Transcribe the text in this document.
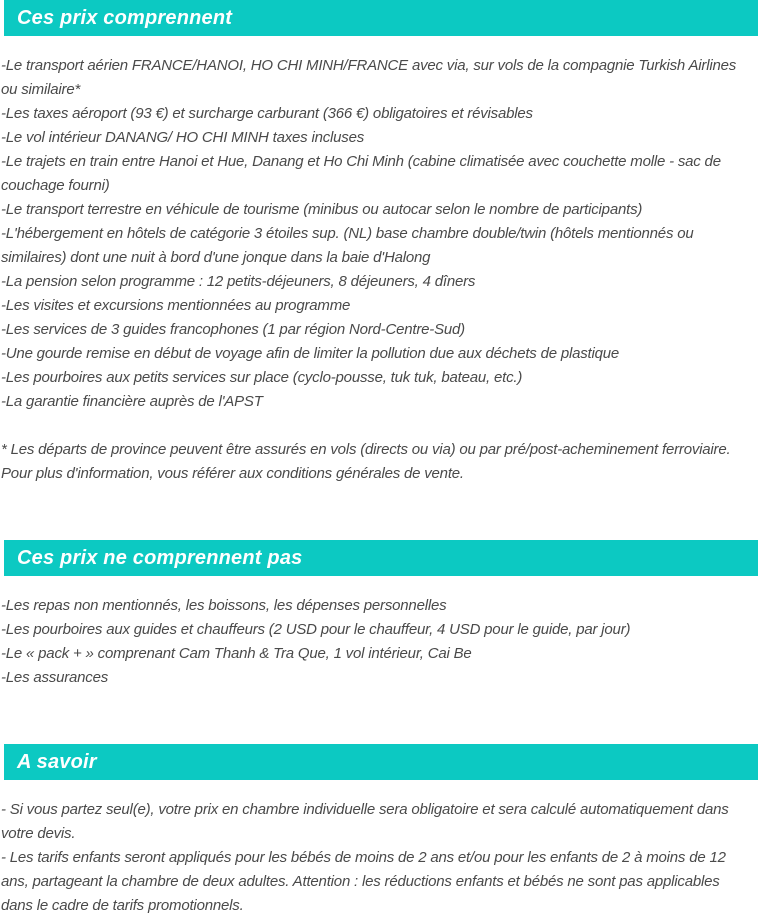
Ces prix comprennent

-Le transport aérien FRANCE/HANOI, HO CHI MINH/FRANCE avec via, sur vols de la compagnie Turkish Airlines ou similaire*

-Les taxes aéroport (93 €) et surcharge carburant (366 €) obligatoires et révisables

-Le vol intérieur DANANG/ HO CHI MINH taxes incluses

-Le trajets en train entre Hanoi et Hue, Danang et Ho Chi Minh (cabine climatisée avec couchette molle - sac de couchage fourni)

-Le transport terrestre en véhicule de tourisme (minibus ou autocar selon le nombre de participants)

-L'hébergement en hôtels de catégorie 3 étoiles sup. (NL) base chambre double/twin (hôtels mentionnés ou similaires) dont une nuit à bord d'une jonque dans la baie d'Halong

-La pension selon programme : 12 petits-déjeuners, 8 déjeuners, 4 dîners

-Les visites et excursions mentionnées au programme

-Les services de 3 guides francophones (1 par région Nord-Centre-Sud)

-Une gourde remise en début de voyage afin de limiter la pollution due aux déchets de plastique

-Les pourboires aux petits services sur place (cyclo-pousse, tuk tuk, bateau, etc.)

-La garantie financière auprès de l'APST

* Les départs de province peuvent être assurés en vols (directs ou via) ou par pré/post-acheminement ferroviaire. Pour plus d'information, vous référer aux conditions générales de vente.

Ces prix ne comprennent pas

-Les repas non mentionnés, les boissons, les dépenses personnelles

-Les pourboires aux guides et chauffeurs (2 USD pour le chauffeur, 4 USD pour le guide, par jour)

-Le « pack + » comprenant Cam Thanh & Tra Que, 1 vol intérieur, Cai Be

-Les assurances

A savoir

- Si vous partez seul(e), votre prix en chambre individuelle sera obligatoire et sera calculé automatiquement dans votre devis.

- Les tarifs enfants seront appliqués pour les bébés de moins de 2 ans et/ou pour les enfants de 2 à moins de 12 ans, partageant la chambre de deux adultes. Attention : les réductions enfants et bébés ne sont pas applicables dans le cadre de tarifs promotionnels.
